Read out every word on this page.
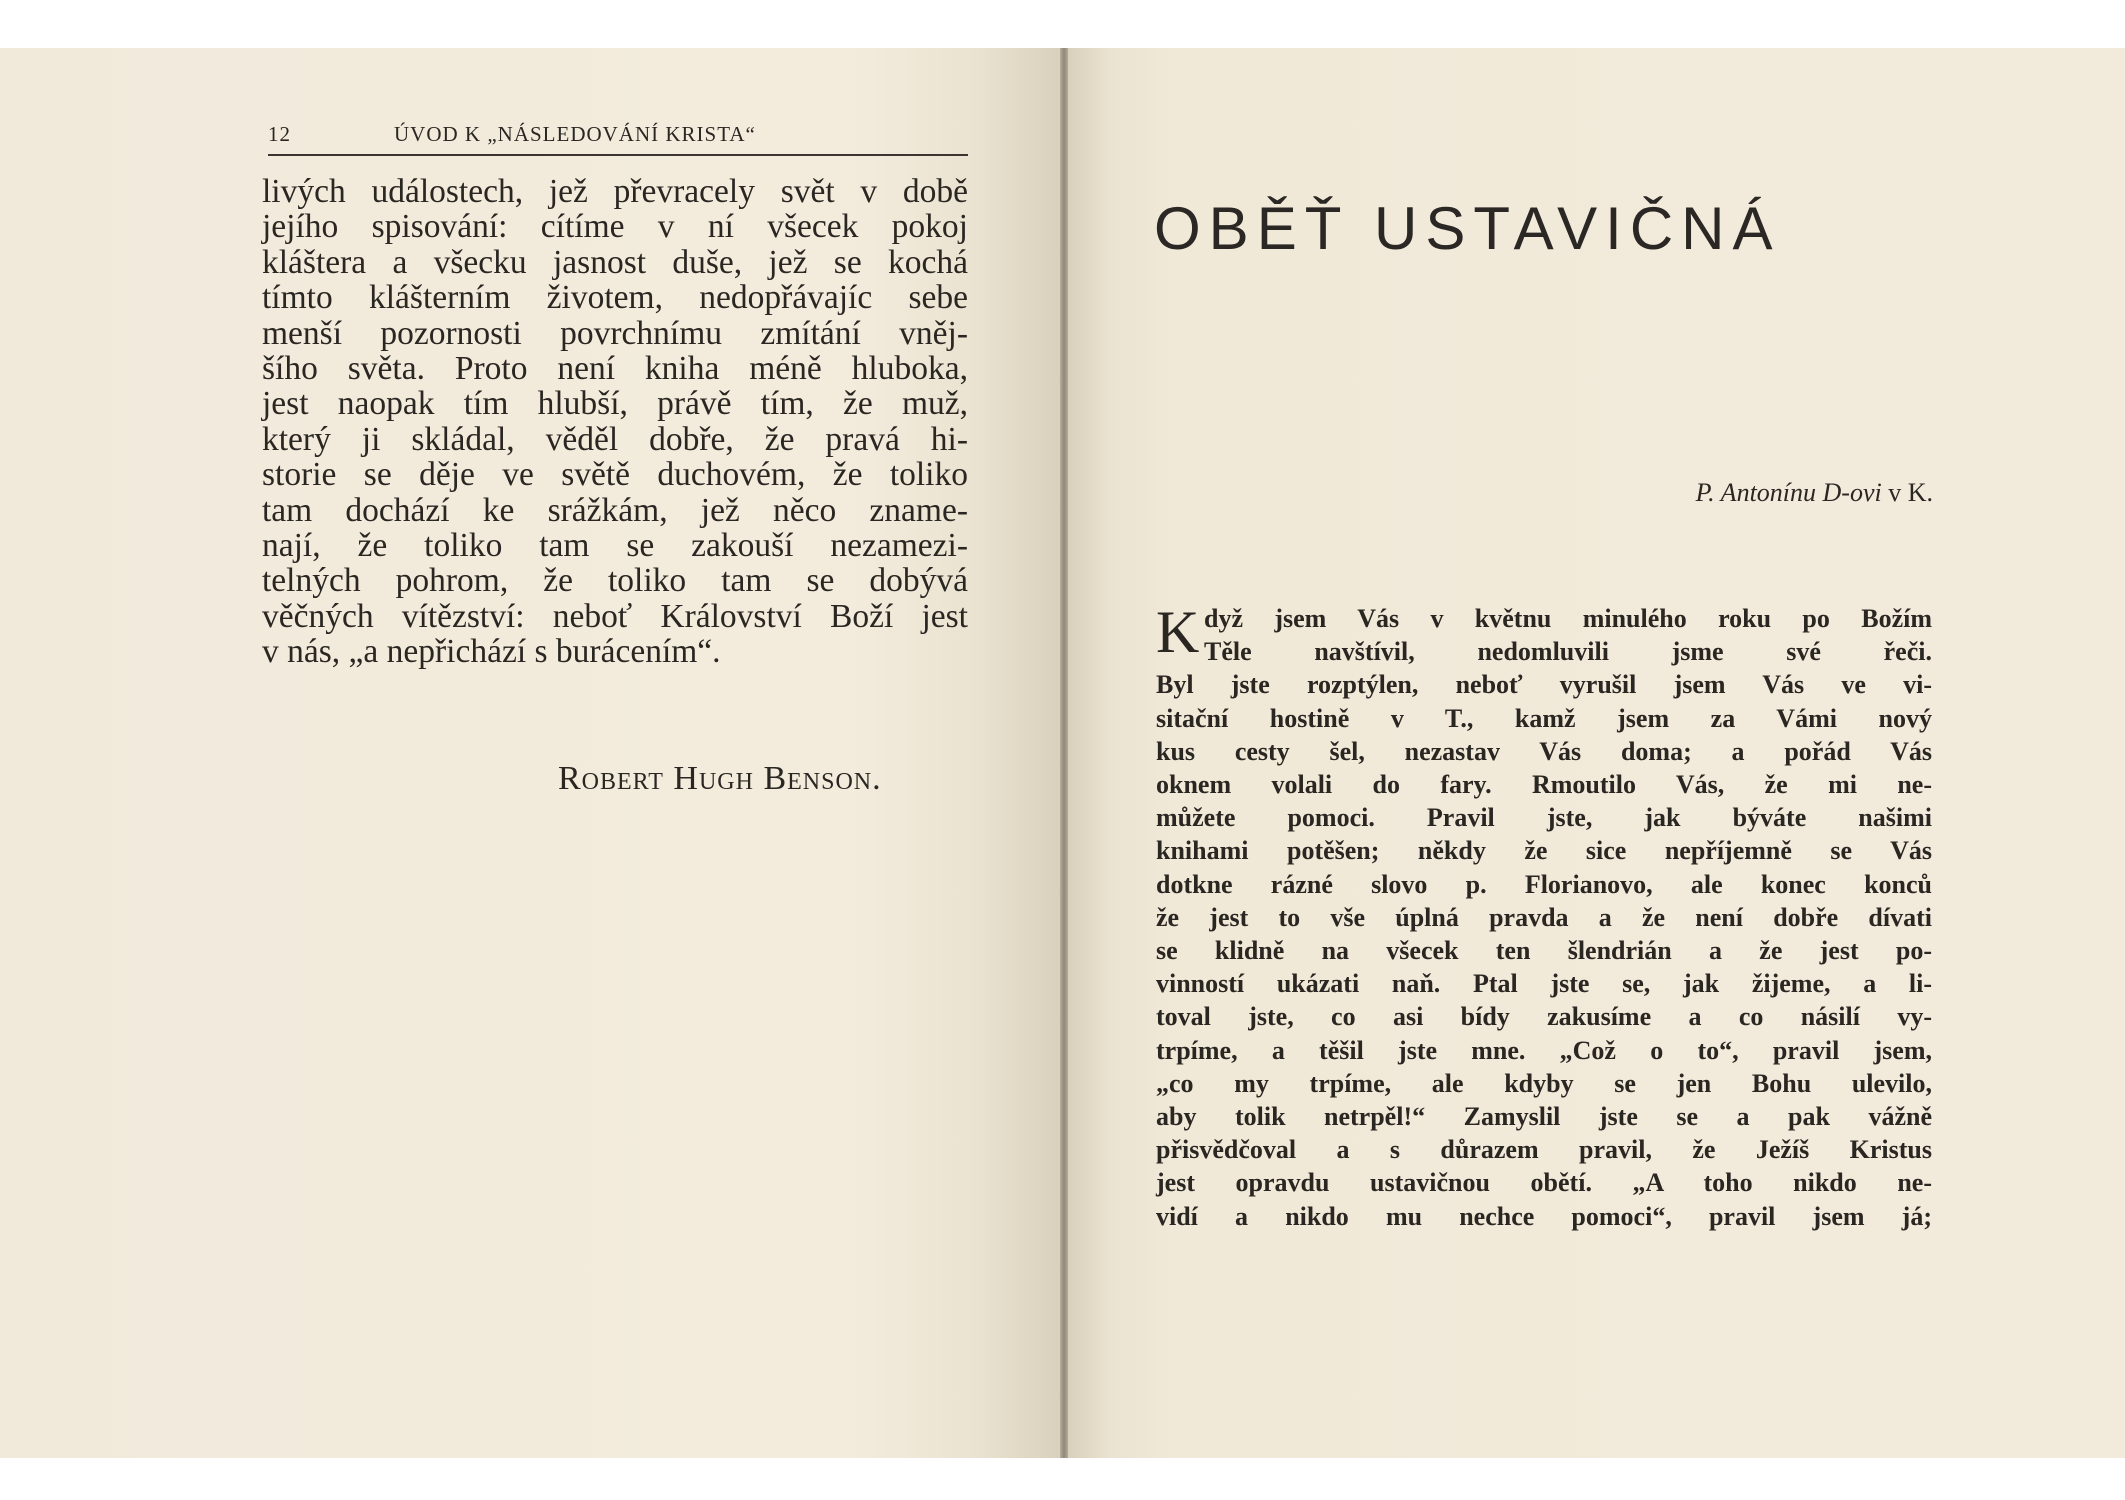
12	ÚVOD K „NÁSLEDOVÁNÍ KRISTA“

livých událostech, jež převracely svět v době

jejího spisování: cítíme v ní všecek pokoj

kláštera a všecku jasnost duše, jež se kochá

tímto klášterním životem, nedopřávajíc sebe

menší pozornosti povrchnímu zmítání vněj‑

šího světa. Proto není kniha méně hluboka,

jest naopak tím hlubší, právě tím, že muž,

který ji skládal, věděl dobře, že pravá hi‑

storie se děje ve světě duchovém, že toliko

tam dochází ke srážkám, jež něco zname‑

nají, že toliko tam se zakouší nezamezi‑

telných pohrom, že toliko tam se dobývá

věčných vítězství: neboť Království Boží jest

v nás, „a nepřichází s burácením“.

Robert Hugh Benson.
OBĚŤ USTAVIČNÁ
P. Antonínu D‑ovi v K.
K dyž jsem Vás v květnu minulého roku po Božím
Těle navštívil, nedomluvili jsme své řeči.
Byl jste rozptýlen, neboť vyrušil jsem Vás ve vi‑
sitační hostině v T., kamž jsem za Vámi nový
kus cesty šel, nezastav Vás doma; a pořád Vás
oknem volali do fary. Rmoutilo Vás, že mi ne‑
můžete pomoci. Pravil jste, jak býváte našimi
knihami potěšen; někdy že sice nepříjemně se Vás
dotkne rázné slovo p. Florianovo, ale konec konců
že jest to vše úplná pravda a že není dobře dívati
se klidně na všecek ten šlendrián a že jest po‑
vinností ukázati naň. Ptal jste se, jak žijeme, a li‑
toval jste, co asi bídy zakusíme a co násilí vy‑
trpíme, a těšil jste mne. „Což o to“, pravil jsem,
„co my trpíme, ale kdyby se jen Bohu ulevilo,
aby tolik netrpěl!“ Zamyslil jste se a pak vážně
přisvědčoval a s důrazem pravil, že Ježíš Kristus
jest opravdu ustavičnou obětí. „A toho nikdo ne‑
vidí a nikdo mu nechce pomoci“, pravil jsem já;
